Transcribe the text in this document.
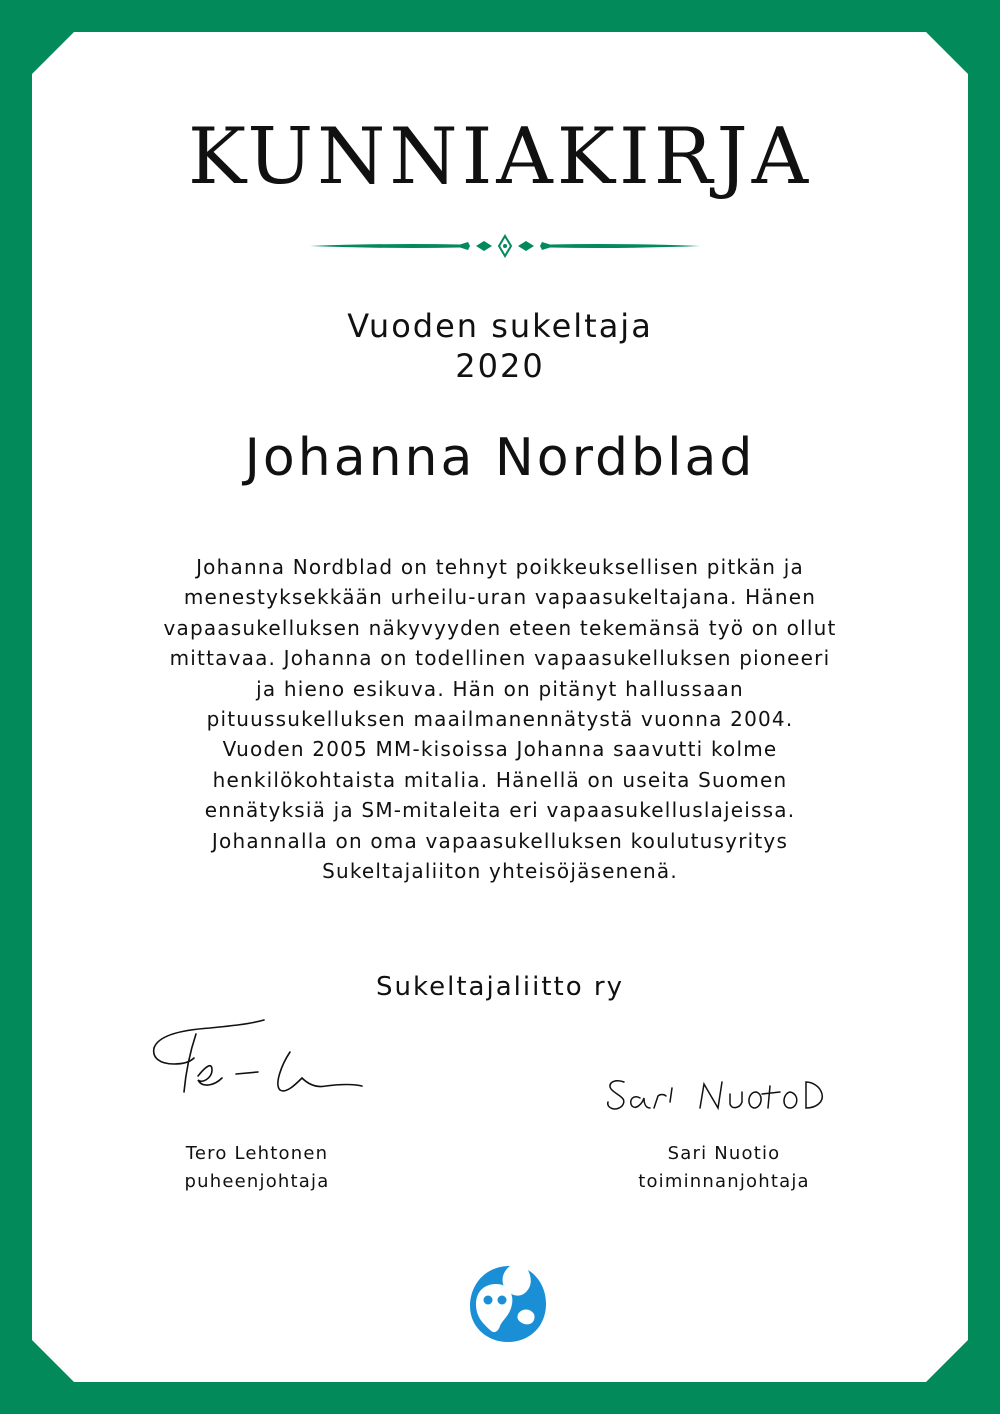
KUNNIAKIRJA
Vuoden sukeltaja
2020
Johanna Nordblad
Johanna Nordblad on tehnyt poikkeuksellisen pitkän ja
menestyksekkään urheilu-uran vapaasukeltajana. Hänen
vapaasukelluksen näkyvyyden eteen tekemänsä työ on ollut
mittavaa. Johanna on todellinen vapaasukelluksen pioneeri
ja hieno esikuva. Hän on pitänyt hallussaan
pituussukelluksen maailmanennätystä vuonna 2004.
Vuoden 2005 MM-kisoissa Johanna saavutti kolme
henkilökohtaista mitalia. Hänellä on useita Suomen
ennätyksiä ja SM-mitaleita eri vapaasukelluslajeissa.
Johannalla on oma vapaasukelluksen koulutusyritys
Sukeltajaliiton yhteisöjäsenenä.
Sukeltajaliitto ry
Tero Lehtonen
puheenjohtaja
Sari Nuotio
toiminnanjohtaja
